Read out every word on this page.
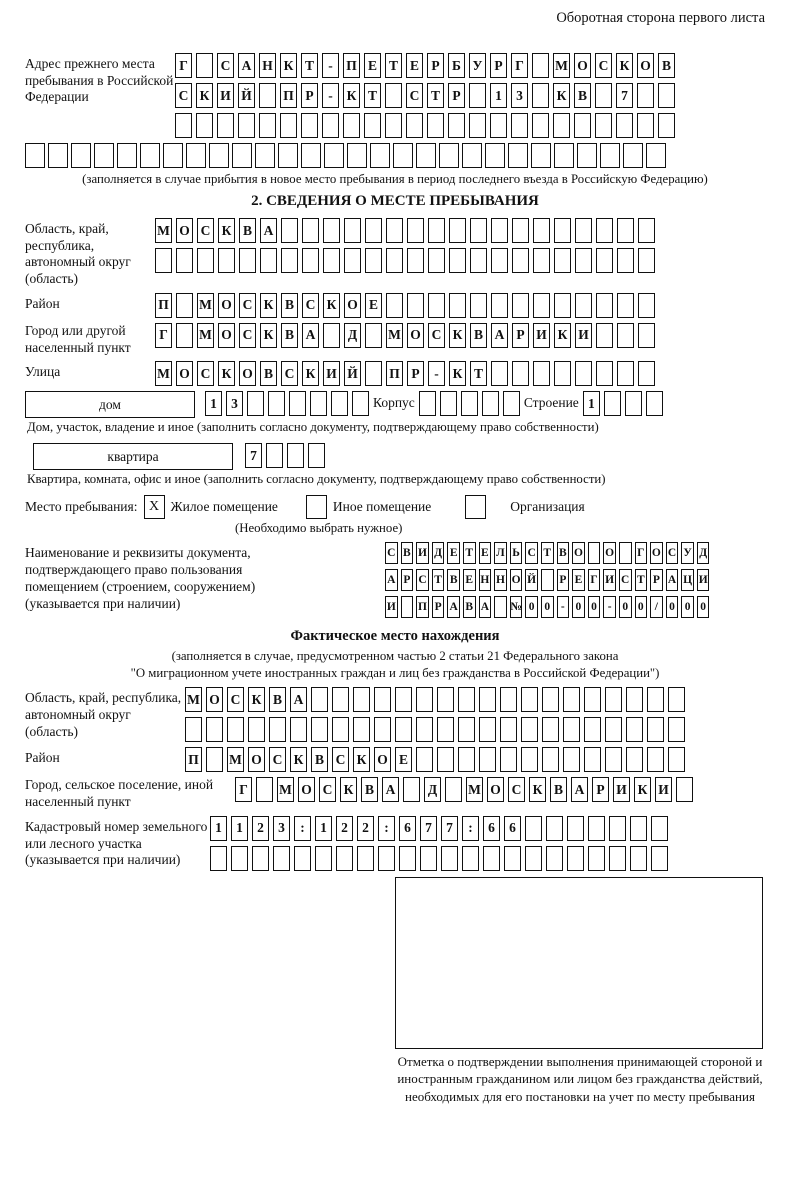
Оборотная сторона первого листа
Адрес прежнего места пребывания в Российской Федерации
Г	С А Н К Т	- П Е Т Е Р Б У Р Г	М О С К О В
С К И Й П Р	-	К Т С Т Р	1	3	К В	7
(заполняется в случае прибытия в новое место пребывания в период последнего въезда в Российскую Федерацию)
2. СВЕДЕНИЯ О МЕСТЕ ПРЕБЫВАНИЯ
Область, край, республика, автономный округ (область)
М О С К В А
Район	П М О С К В С К О Е
Город или другой населенный пункт
Г	М О С К В А Д М О С К В А Р И К И
Улица	М О С К О В С К И Й П Р	-	К Т
дом	1	3	Корпус	Строение 1
Дом, участок, владение и иное (заполнить согласно документу, подтверждающему право собственности)
квартира	7
Квартира, комната, офис и иное (заполнить согласно документу, подтверждающему право собственности)
Место пребывания: X Жилое помещение	Иное помещение	Организация
(Необходимо выбрать нужное)
Наименование и реквизиты документа, подтверждающего право пользования помещением (строением, сооружением) (указывается при наличии)
С В И Д Е Т Е Л Ь С Т В О О Г О С У Д
А Р С Т В Е Н Н О Й Р Е Г И С Т Р А Ц И
И П Р А В А № 0 0 - 0 0 - 0 0 / 0 0 0
Фактическое место нахождения
(заполняется в случае, предусмотренном частью 2 статьи 21 Федерального закона
"О миграционном учете иностранных граждан и лиц без гражданства в Российской Федерации")
Область, край, республика, автономный округ (область)
М О С К В А
Район	П М О С К В С К О Е
Город, сельское поселение, иной населенный пункт
Г	М О С К В А Д М О С К В А Р И К И
Кадастровый номер земельного или лесного участка (указывается при наличии)
1	1	2	3	:	1	2	2	:	6	7	7	:	6	6
Отметка о подтверждении выполнения принимающей стороной и иностранным гражданином или лицом без гражданства действий, необходимых для его постановки на учет по месту пребывания
